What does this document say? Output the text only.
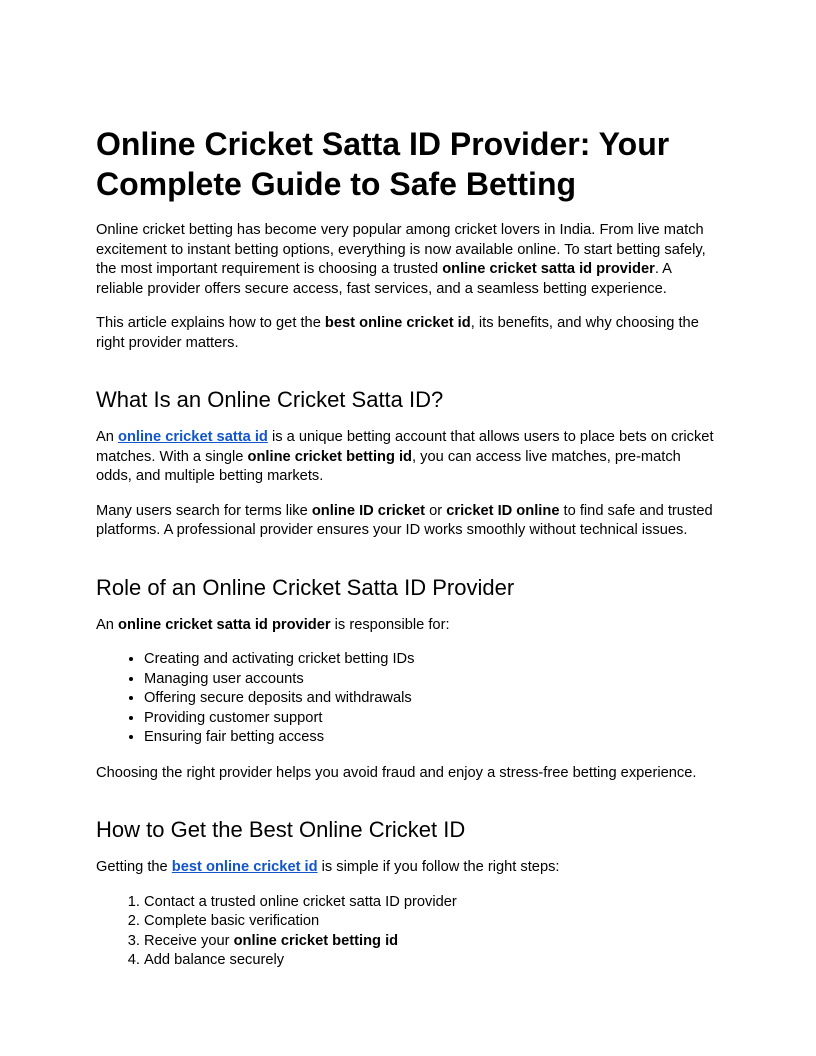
Online Cricket Satta ID Provider: Your Complete Guide to Safe Betting

Online cricket betting has become very popular among cricket lovers in India. From live match excitement to instant betting options, everything is now available online. To start betting safely, the most important requirement is choosing a trusted online cricket satta id provider. A reliable provider offers secure access, fast services, and a seamless betting experience.

This article explains how to get the best online cricket id, its benefits, and why choosing the right provider matters.

What Is an Online Cricket Satta ID?

An online cricket satta id is a unique betting account that allows users to place bets on cricket matches. With a single online cricket betting id, you can access live matches, pre-match odds, and multiple betting markets.

Many users search for terms like online ID cricket or cricket ID online to find safe and trusted platforms. A professional provider ensures your ID works smoothly without technical issues.

Role of an Online Cricket Satta ID Provider

An online cricket satta id provider is responsible for:

• Creating and activating cricket betting IDs
• Managing user accounts
• Offering secure deposits and withdrawals
• Providing customer support
• Ensuring fair betting access

Choosing the right provider helps you avoid fraud and enjoy a stress-free betting experience.

How to Get the Best Online Cricket ID

Getting the best online cricket id is simple if you follow the right steps:

1. Contact a trusted online cricket satta ID provider
2. Complete basic verification
3. Receive your online cricket betting id
4. Add balance securely
